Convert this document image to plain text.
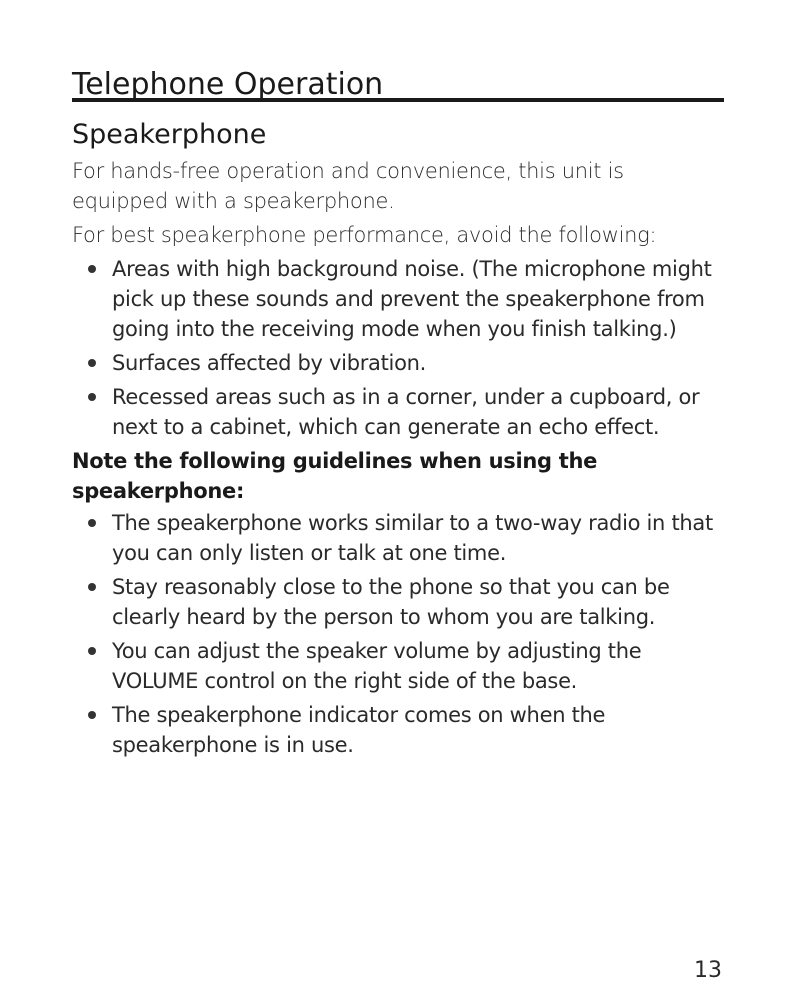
Telephone Operation
Speakerphone

For hands-free operation and convenience, this unit is equipped with a speakerphone.

For best speakerphone performance, avoid the following:

Areas with high background noise. (The microphone might pick up these sounds and prevent the speakerphone from going into the receiving mode when you finish talking.)
Surfaces affected by vibration.
Recessed areas such as in a corner, under a cupboard, or next to a cabinet, which can generate an echo effect.
Note the following guidelines when using the speakerphone:
The speakerphone works similar to a two-way radio in that you can only listen or talk at one time.
Stay reasonably close to the phone so that you can be clearly heard by the person to whom you are talking.
You can adjust the speaker volume by adjusting the VOLUME control on the right side of the base.
The speakerphone indicator comes on when the speakerphone is in use.
13
